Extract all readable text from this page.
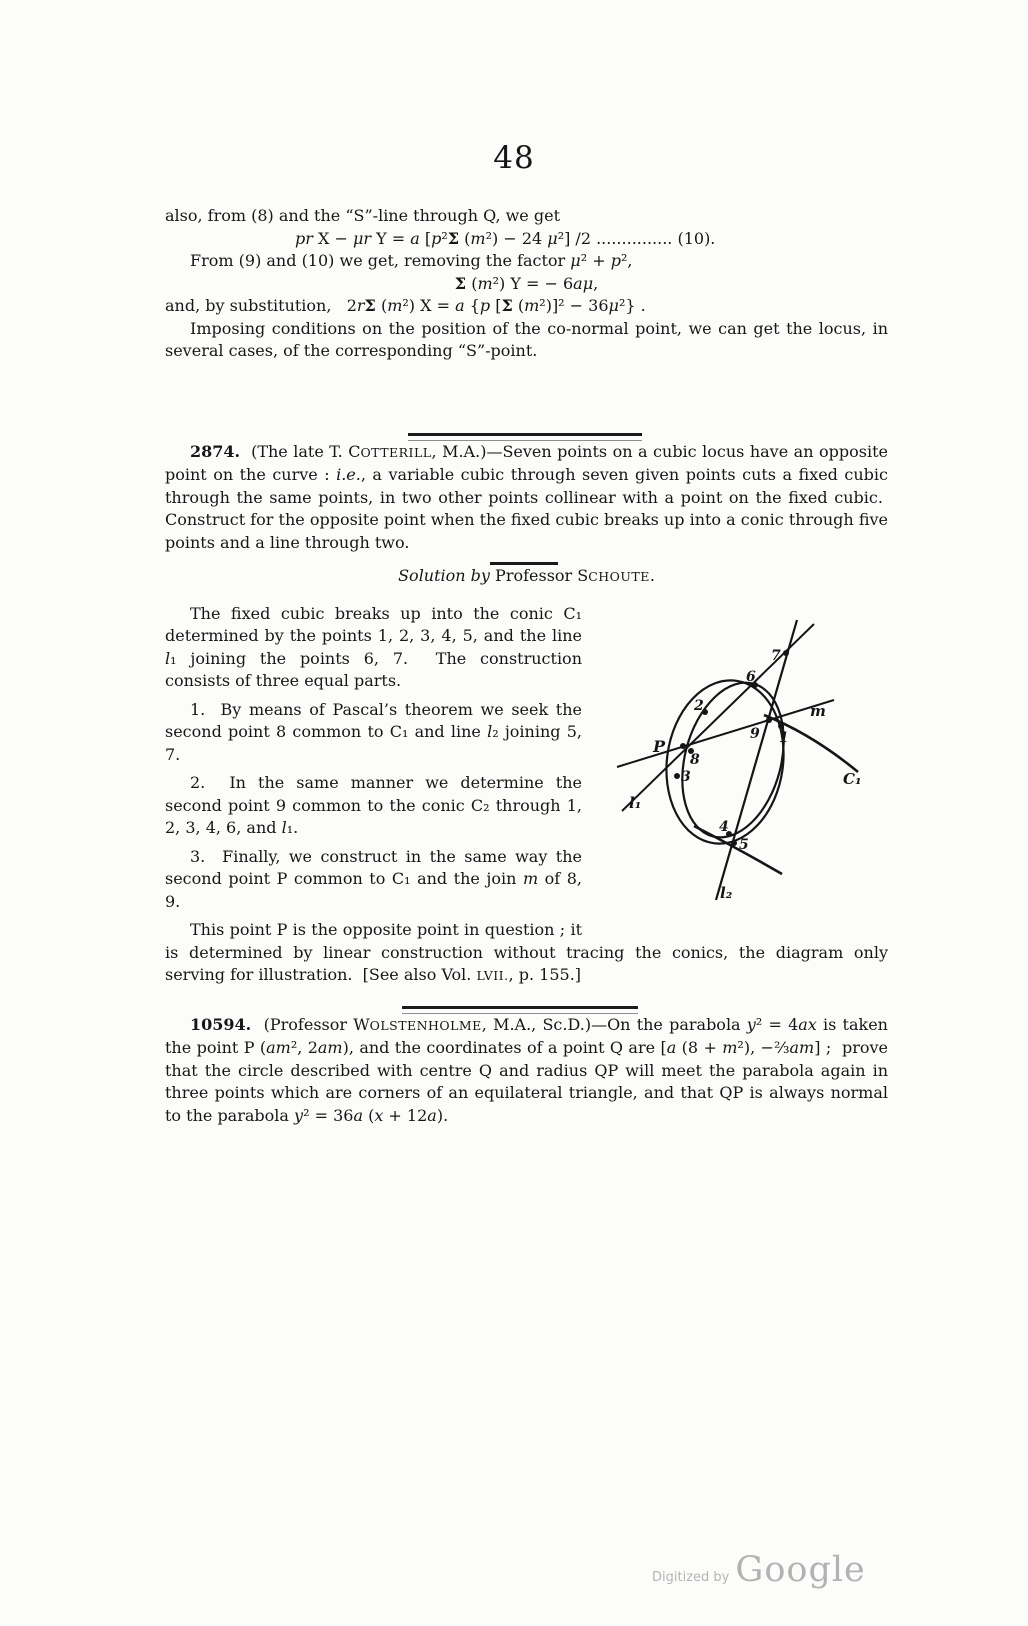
48

also, from (8) and the “S”-line through Q, we get

pr X − μr Y = a [p²Σ (m²) − 24 μ²] /2 ............... (10).

From (9) and (10) we get, removing the factor μ² + p²,

Σ (m²) Y = − 6aμ,

and, by substitution,   2rΣ (m²) X = a {p [Σ (m²)]² − 36μ²} .

Imposing conditions on the position of the co-normal point, we can get the locus, in several cases, of the corresponding “S”-point.

2874.  (The late T. COTTERILL, M.A.)—Seven points on a cubic locus have an opposite point on the curve : i.e., a variable cubic through seven given points cuts a fixed cubic through the same points, in two other points collinear with a point on the fixed cubic.  Construct for the opposite point when the fixed cubic breaks up into a conic through five points and a line through two.

Solution by Professor SCHOUTE.

7
6
2
9 1
P
8
3
4
5
m
C₁
l₁
l₂

The fixed cubic breaks up into the conic C₁ determined by the points 1, 2, 3, 4, 5, and the line l₁ joining the points 6, 7.  The construction consists of three equal parts.

1.  By means of Pascal’s theorem we seek the second point 8 common to C₁ and line l₂ joining 5, 7.

2.  In the same manner we determine the second point 9 common to the conic C₂ through 1, 2, 3, 4, 6, and l₁.

3.  Finally, we construct in the same way the second point P common to C₁ and the join m of 8, 9.

This point P is the opposite point in question ; it is determined by linear construction without tracing the conics, the diagram only serving for illustration.  [See also Vol. LVII., p. 155.]

10594.  (Professor WOLSTENHOLME, M.A., Sc.D.)—On the parabola y² = 4ax is taken the point P (am², 2am), and the coordinates of a point Q are [a (8 + m²), −⅔am] ;  prove that the circle described with centre Q and radius QP will meet the parabola again in three points which are corners of an equilateral triangle, and that QP is always normal to the parabola y² = 36a (x + 12a).

Digitized by Google
